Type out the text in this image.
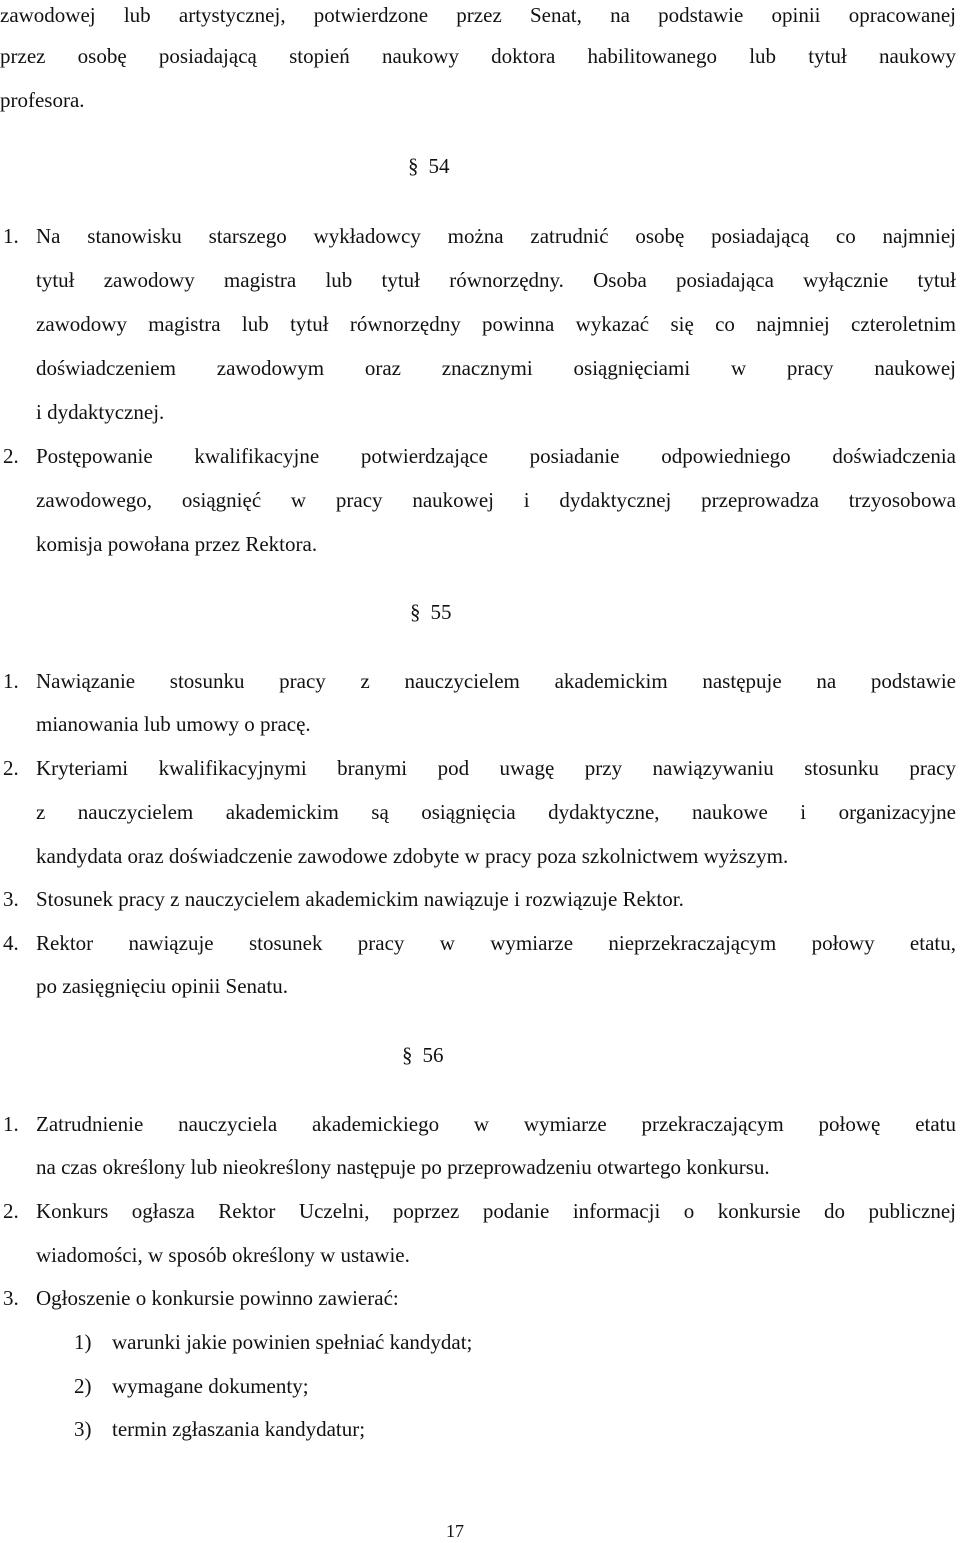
zawodowej lub artystycznej, potwierdzone przez Senat, na podstawie opinii opracowanej
przez osobę posiadającą stopień naukowy doktora habilitowanego lub tytuł naukowy
profesora.
§ 54
1. Na stanowisku starszego wykładowcy można zatrudnić osobę posiadającą co najmniej
tytuł zawodowy magistra lub tytuł równorzędny. Osoba posiadająca wyłącznie tytuł
zawodowy magistra lub tytuł równorzędny powinna wykazać się co najmniej czteroletnim
doświadczeniem zawodowym oraz znacznymi osiągnięciami w pracy naukowej
i dydaktycznej.
2. Postępowanie kwalifikacyjne potwierdzające posiadanie odpowiedniego doświadczenia
zawodowego, osiągnięć w pracy naukowej i dydaktycznej przeprowadza trzyosobowa
komisja powołana przez Rektora.
§ 55
1. Nawiązanie stosunku pracy z nauczycielem akademickim następuje na podstawie
mianowania lub umowy o pracę.
2. Kryteriami kwalifikacyjnymi branymi pod uwagę przy nawiązywaniu stosunku pracy
z nauczycielem akademickim są osiągnięcia dydaktyczne, naukowe i organizacyjne
kandydata oraz doświadczenie zawodowe zdobyte w pracy poza szkolnictwem wyższym.
3. Stosunek pracy z nauczycielem akademickim nawiązuje i rozwiązuje Rektor.
4. Rektor nawiązuje stosunek pracy w wymiarze nieprzekraczającym połowy etatu,
po zasięgnięciu opinii Senatu.
§ 56
1. Zatrudnienie nauczyciela akademickiego w wymiarze przekraczającym połowę etatu
na czas określony lub nieokreślony następuje po przeprowadzeniu otwartego konkursu.
2. Konkurs ogłasza Rektor Uczelni, poprzez podanie informacji o konkursie do publicznej
wiadomości, w sposób określony w ustawie.
3. Ogłoszenie o konkursie powinno zawierać:
1) warunki jakie powinien spełniać kandydat;
2) wymagane dokumenty;
3) termin zgłaszania kandydatur;
17
